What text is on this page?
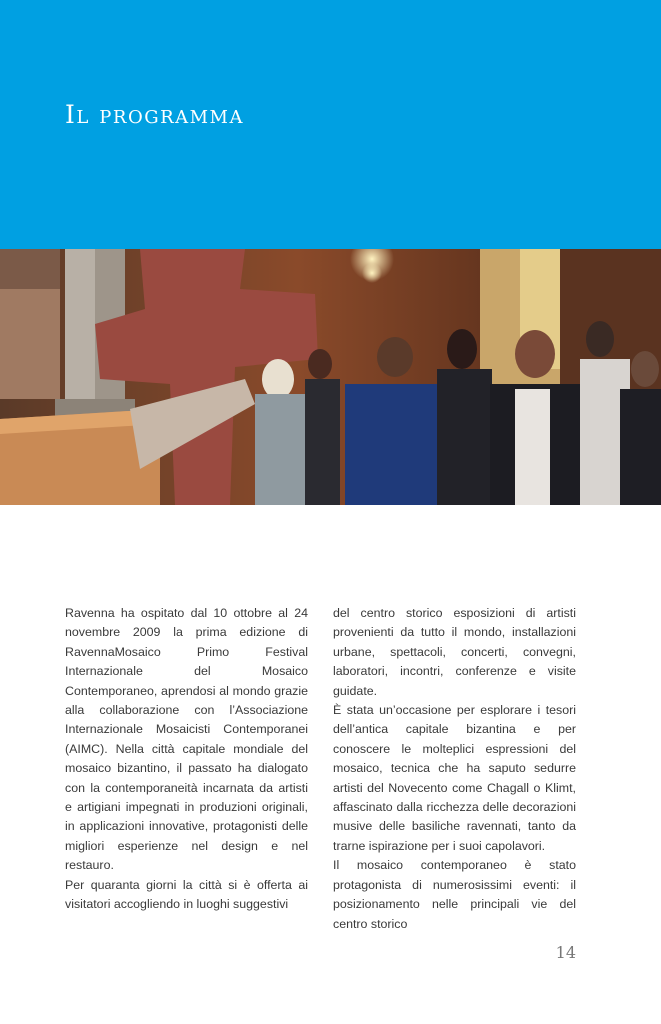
Il programma

Ravenna ha ospitato dal 10 ottobre al 24 novembre 2009 la prima edizione di RavennaMosaico Primo Festival Internazionale del Mosaico Contemporaneo, aprendosi al mondo grazie alla collaborazione con l’Associazione Internazionale Mosaicisti Contemporanei (AIMC). Nella città capitale mondiale del mosaico bizantino, il passato ha dialogato con la contemporaneità incarnata da artisti e artigiani impegnati in produzioni originali, in applicazioni innovative, protagonisti delle migliori esperienze nel design e nel restauro.

Per quaranta giorni la città si è offerta ai visitatori accogliendo in luoghi suggestivi

del centro storico esposizioni di artisti provenienti da tutto il mondo, installazioni urbane, spettacoli, concerti, convegni, laboratori, incontri, conferenze e visite guidate.

È stata un’occasione per esplorare i tesori dell’antica capitale bizantina e per conoscere le molteplici espressioni del mosaico, tecnica che ha saputo sedurre artisti del Novecento come Chagall o Klimt, affascinato dalla ricchezza delle decorazioni musive delle basiliche ravennati, tanto da trarne ispirazione per i suoi capolavori.

Il mosaico contemporaneo è stato protagonista di numerosissimi eventi: il posizionamento nelle principali vie del centro storico

14
